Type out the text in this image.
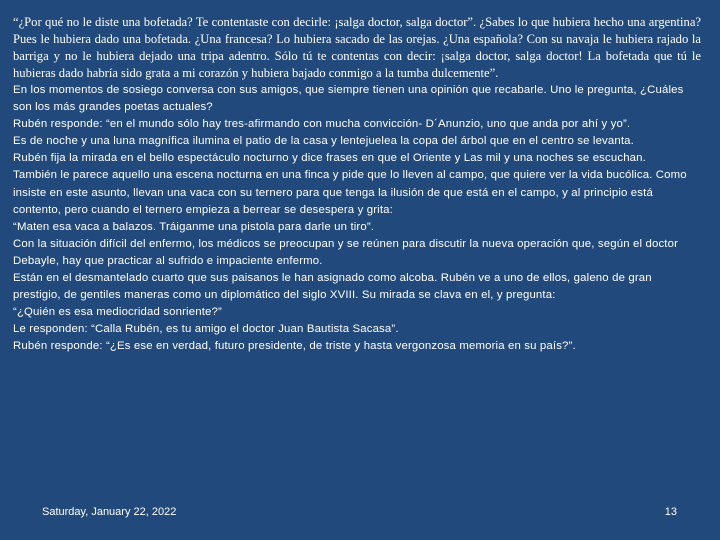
“¿Por qué no le diste una bofetada? Te contentaste con decirle: ¡salga doctor, salga doctor”. ¿Sabes lo que hubiera hecho una argentina? Pues le hubiera dado una bofetada. ¿Una francesa? Lo hubiera sacado de las orejas. ¿Una española? Con su navaja le hubiera rajado la barriga y no le hubiera dejado una tripa adentro. Sólo tú te contentas con decir: ¡salga doctor, salga doctor! La bofetada que tú le hubieras dado habría sido grata a mi corazón y hubiera bajado conmigo a la tumba dulcemente”.

En los momentos de sosiego conversa con sus amigos, que siempre tienen una opinión que recabarle. Uno le pregunta, ¿Cuáles son los más grandes poetas actuales?

Rubén responde: “en el mundo sólo hay tres-afirmando con mucha convicción- D´Anunzio, uno que anda por ahí y yo”.

Es de noche y una luna magnífica ilumina el patio de la casa y lentejuelea la copa del árbol que en el centro se levanta.

Rubén fija la mirada en el bello espectáculo nocturno y dice frases en que el Oriente y Las mil y una noches se escuchan.

También le parece aquello una escena nocturna en una finca y pide que lo lleven al campo, que quiere ver la vida bucólica. Como insiste en este asunto, llevan una vaca con su ternero para que tenga la ilusión de que está en el campo, y al principio está contento, pero cuando el ternero empieza a berrear se desespera y grita:

“Maten esa vaca a balazos. Tráiganme una pistola para darle un tiro”.

Con la situación difícil del enfermo, los médicos se preocupan y se reúnen para discutir la nueva operación que, según el doctor Debayle, hay que practicar al sufrido e impaciente enfermo.

Están en el desmantelado cuarto que sus paisanos le han asignado como alcoba. Rubén ve a uno de ellos, galeno de gran prestigio, de gentiles maneras como un diplomático del siglo XVIII. Su mirada se clava en el, y pregunta:

“¿Quién es esa mediocridad sonriente?”

Le responden: “Calla Rubén, es tu amigo el doctor Juan Bautista Sacasa”.

Rubén responde: “¿Es ese en verdad, futuro presidente, de triste y hasta vergonzosa memoria en su país?”.

Saturday, January 22, 2022	13
